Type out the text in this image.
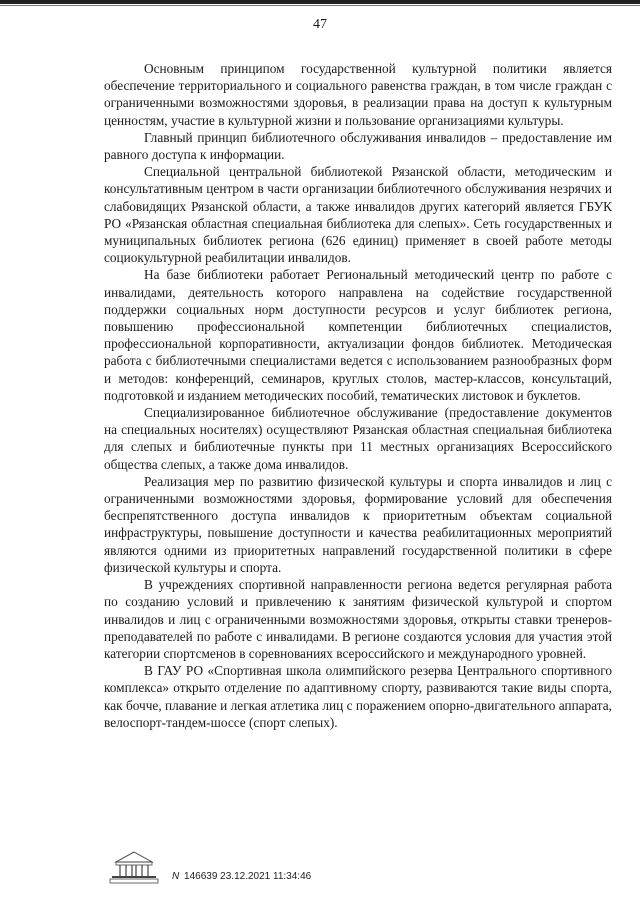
47

Основным принципом государственной культурной политики является обеспечение территориального и социального равенства граждан, в том числе граждан с ограниченными возможностями здоровья, в реализации права на доступ к культурным ценностям, участие в культурной жизни и пользование организациями культуры.

Главный принцип библиотечного обслуживания инвалидов – предоставление им равного доступа к информации.

Специальной центральной библиотекой Рязанской области, методическим и консультативным центром в части организации библиотечного обслуживания незрячих и слабовидящих Рязанской области, а также инвалидов других категорий является ГБУК РО «Рязанская областная специальная библиотека для слепых». Сеть государственных и муниципальных библиотек региона (626 единиц) применяет в своей работе методы социокультурной реабилитации инвалидов.

На базе библиотеки работает Региональный методический центр по работе с инвалидами, деятельность которого направлена на содействие государственной поддержки социальных норм доступности ресурсов и услуг библиотек региона, повышению профессиональной компетенции библиотечных специалистов, профессиональной корпоративности, актуализации фондов библиотек. Методическая работа с библиотечными специалистами ведется с использованием разнообразных форм и методов: конференций, семинаров, круглых столов, мастер-классов, консультаций, подготовкой и изданием методических пособий, тематических листовок и буклетов.

Специализированное библиотечное обслуживание (предоставление документов на специальных носителях) осуществляют Рязанская областная специальная библиотека для слепых и библиотечные пункты при 11 местных организациях Всероссийского общества слепых, а также дома инвалидов.

Реализация мер по развитию физической культуры и спорта инвалидов и лиц с ограниченными возможностями здоровья, формирование условий для обеспечения беспрепятственного доступа инвалидов к приоритетным объектам социальной инфраструктуры, повышение доступности и качества реабилитационных мероприятий являются одними из приоритетных направлений государственной политики в сфере физической культуры и спорта.

В учреждениях спортивной направленности региона ведется регулярная работа по созданию условий и привлечению к занятиям физической культурой и спортом инвалидов и лиц с ограниченными возможностями здоровья, открыты ставки тренеров-преподавателей по работе с инвалидами. В регионе создаются условия для участия этой категории спортсменов в соревнованиях всероссийского и международного уровней.

В ГАУ РО «Спортивная школа олимпийского резерва Центрального спортивного комплекса» открыто отделение по адаптивному спорту, развиваются такие виды спорта, как бочче, плавание и легкая атлетика лиц с поражением опорно-двигательного аппарата, велоспорт-тандем-шоссе (спорт слепых).

N 146639 23.12.2021 11:34:46
